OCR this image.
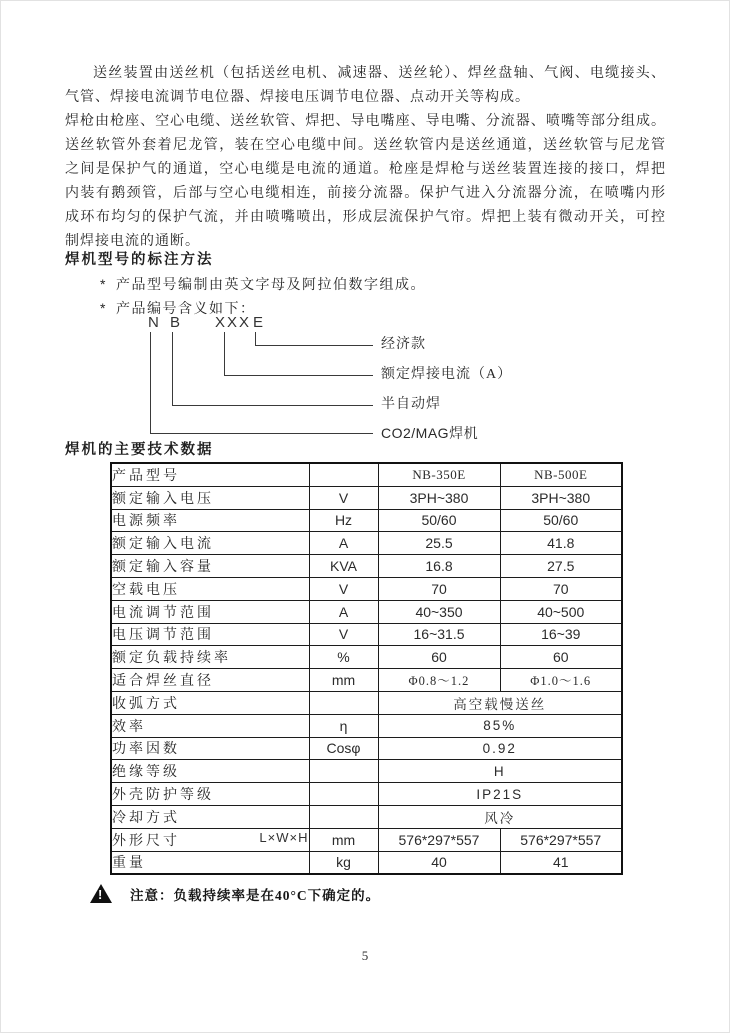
送丝装置由送丝机（包括送丝电机、减速器、送丝轮）、焊丝盘轴、气阀、电缆接头、
气管、焊接电流调节电位器、焊接电压调节电位器、点动开关等构成。
焊枪由枪座、空心电缆、送丝软管、焊把、导电嘴座、导电嘴、分流器、喷嘴等部分组成。
送丝软管外套着尼龙管，装在空心电缆中间。送丝软管内是送丝通道，送丝软管与尼龙管
之间是保护气的通道，空心电缆是电流的通道。枪座是焊枪与送丝装置连接的接口，焊把
内装有鹅颈管，后部与空心电缆相连，前接分流器。保护气进入分流器分流，在喷嘴内形
成环布均匀的保护气流，并由喷嘴喷出，形成层流保护气帘。焊把上装有微动开关，可控
制焊接电流的通断。
焊机型号的标注方法
* 产品型号编制由英文字母及阿拉伯数字组成。
* 产品编号含义如下：
N B XXX E
经济款
额定焊接电流（A）
半自动焊
CO2/MAG焊机
焊机的主要技术数据
产品型号		NB-350E	NB-500E
额定输入电压	V	3PH~380	3PH~380
电源频率	Hz	50/60	50/60
额定输入电流	A	25.5	41.8
额定输入容量	KVA	16.8	27.5
空载电压	V	70	70
电流调节范围	A	40~350	40~500
电压调节范围	V	16~31.5	16~39
额定负载持续率	%	60	60
适合焊丝直径	mm	Φ0.8～1.2	Φ1.0～1.6
收弧方式		高空载慢送丝	
效率	η	85%	
功率因数	Cosφ	0.92	
绝缘等级		H	
外壳防护等级		IP21S	
冷却方式		风冷	
外形尺寸 L×W×H	mm	576*297*557	576*297*557
重量	kg	40	41
!
注意：负载持续率是在40°C下确定的。
5
